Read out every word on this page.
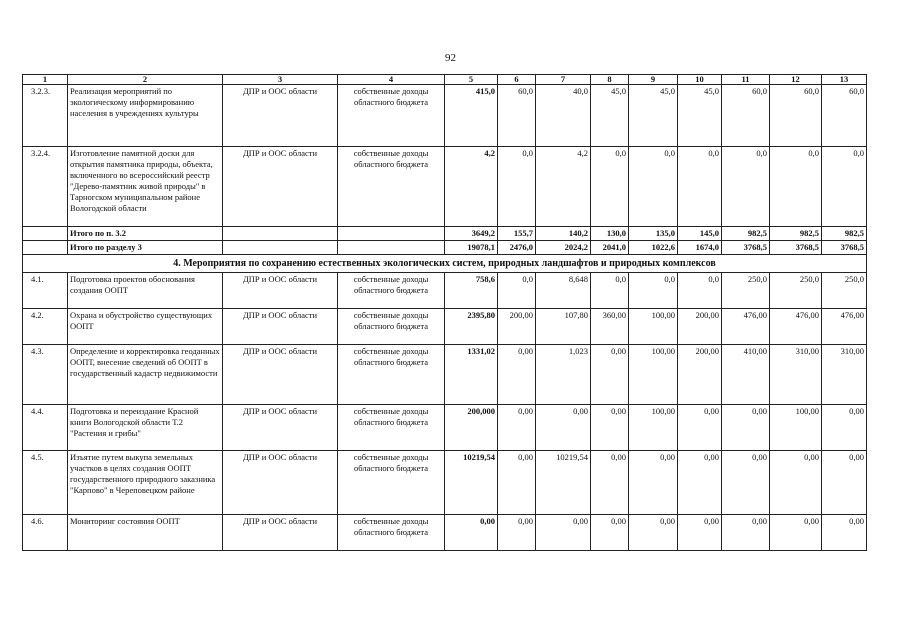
92
1	2	3	4	5	6	7	8	9	10	11	12	13
3.2.3.	Реализация мероприятий по экологическому информированию населения в учреждениях культуры	ДПР и ООС области	собственные доходы областного бюджета	415,0	60,0	40,0	45,0	45,0	45,0	60,0	60,0	60,0
3.2.4.	Изготовление памятной доски для открытия памятника природы, объекта, включенного во всероссийский реестр "Дерево-памятник живой природы" в Тарногском муниципальном районе Вологодской области	ДПР и ООС области	собственные доходы областного бюджета	4,2	0,0	4,2	0,0	0,0	0,0	0,0	0,0	0,0
	Итого по п. 3.2			3649,2	155,7	140,2	130,0	135,0	145,0	982,5	982,5	982,5
	Итого по разделу 3			19078,1	2476,0	2024,2	2041,0	1022,6	1674,0	3768,5	3768,5	3768,5
4. Мероприятия по сохранению естественных экологических систем, природных ландшафтов и природных комплексов												
4.1.	Подготовка проектов обоснования создания ООПТ	ДПР и ООС области	собственные доходы областного бюджета	758,6	0,0	8,648	0,0	0,0	0,0	250,0	250,0	250,0
4.2.	Охрана и обустройство существующих ООПТ	ДПР и ООС области	собственные доходы областного бюджета	2395,80	200,00	107,80	360,00	100,00	200,00	476,00	476,00	476,00
4.3.	Определение и корректировка геоданных ООПТ, внесение сведений об ООПТ в государственный кадастр недвижимости	ДПР и ООС области	собственные доходы областного бюджета	1331,02	0,00	1,023	0,00	100,00	200,00	410,00	310,00	310,00
4.4.	Подготовка и переиздание Красной книги Вологодской области Т.2 "Растения и грибы"	ДПР и ООС области	собственные доходы областного бюджета	200,000	0,00	0,00	0,00	100,00	0,00	0,00	100,00	0,00
4.5.	Изъятие путем выкупа земельных участков в целях создания ООПТ государственного природного заказника "Карпово" в Череповецком районе	ДПР и ООС области	собственные доходы областного бюджета	10219,54	0,00	10219,54	0,00	0,00	0,00	0,00	0,00	0,00
4.6.	Мониторинг состояния ООПТ	ДПР и ООС области	собственные доходы областного бюджета	0,00	0,00	0,00	0,00	0,00	0,00	0,00	0,00	0,00
